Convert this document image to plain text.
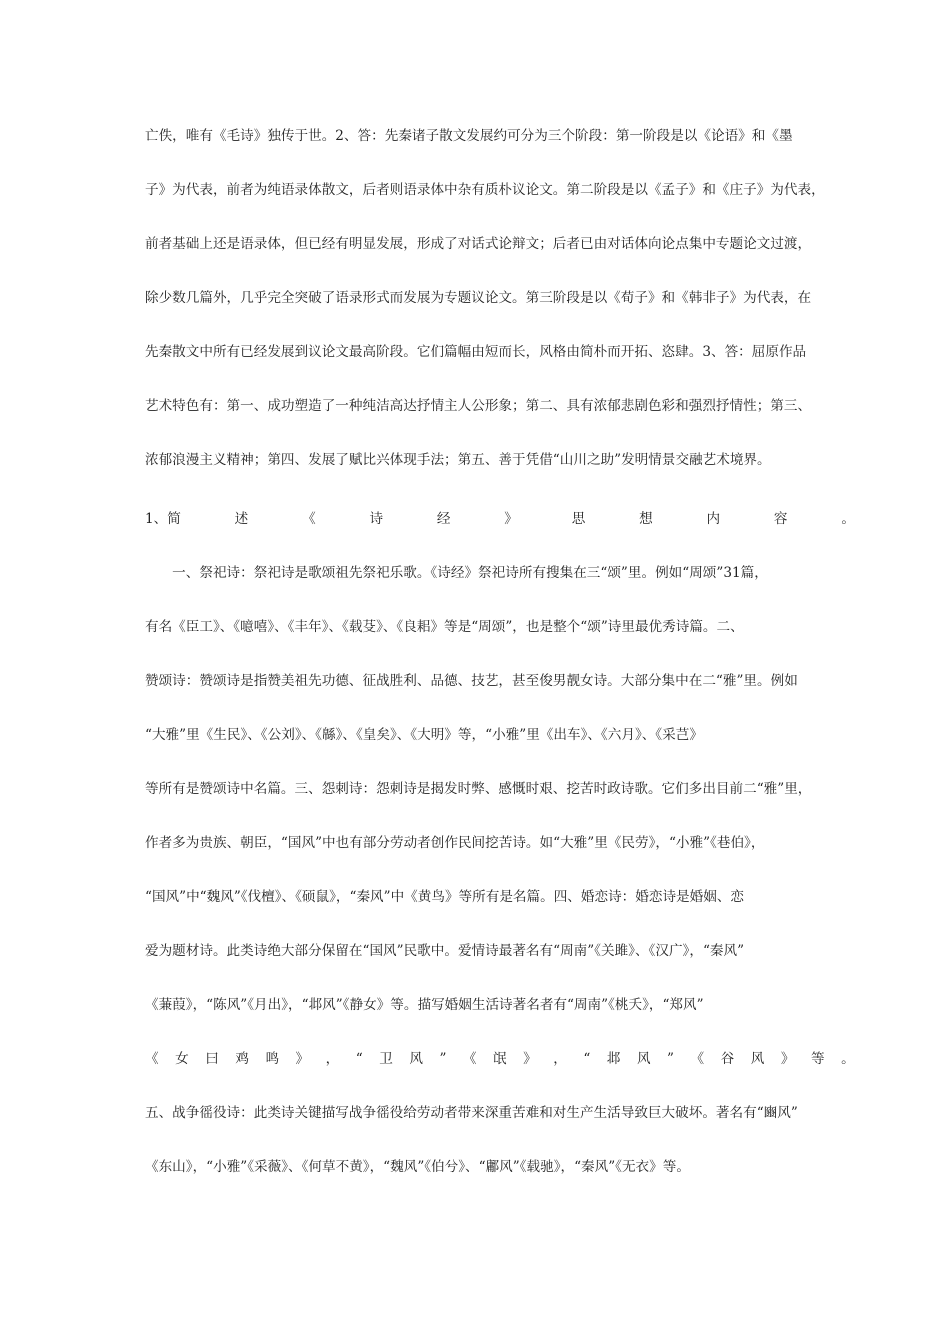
亡佚，唯有《毛诗》独传于世。2、答：先秦诸子散文发展约可分为三个阶段：第一阶段是以《论语》和《墨
子》为代表，前者为纯语录体散文，后者则语录体中杂有质朴议论文。第二阶段是以《孟子》和《庄子》为代表，
前者基础上还是语录体，但已经有明显发展，形成了对话式论辩文；后者已由对话体向论点集中专题论文过渡，
除少数几篇外，几乎完全突破了语录形式而发展为专题议论文。第三阶段是以《荀子》和《韩非子》为代表，在
先秦散文中所有已经发展到议论文最高阶段。它们篇幅由短而长，风格由简朴而开拓、恣肆。3、答：屈原作品
艺术特色有：第一、成功塑造了一种纯洁高达抒情主人公形象；第二、具有浓郁悲剧色彩和强烈抒情性；第三、
浓郁浪漫主义精神；第四、发展了赋比兴体现手法；第五、善于凭借“山川之助”发明情景交融艺术境界。
1、简	述	《	诗	经	》	思	想	内	容	。
　　一、祭祀诗：祭祀诗是歌颂祖先祭祀乐歌。《诗经》祭祀诗所有搜集在三“颂”里。例如“周颂”31篇，
有名《臣工》、《噫嘻》、《丰年》、《载芟》、《良耜》等是“周颂”，也是整个“颂”诗里最优秀诗篇。二、
赞颂诗：赞颂诗是指赞美祖先功德、征战胜利、品德、技艺，甚至俊男靓女诗。大部分集中在二“雅”里。例如
“大雅”里《生民》、《公刘》、《緜》、《皇矣》、《大明》等，“小雅”里《出车》、《六月》、《采芑》
等所有是赞颂诗中名篇。三、怨刺诗：怨刺诗是揭发时弊、感慨时艰、挖苦时政诗歌。它们多出目前二“雅”里，
作者多为贵族、朝臣，“国风”中也有部分劳动者创作民间挖苦诗。如“大雅”里《民劳》，“小雅”《巷伯》，
“国风”中“魏风”《伐檀》、《硕鼠》，“秦风”中《黄鸟》等所有是名篇。四、婚恋诗：婚恋诗是婚姻、恋
爱为题材诗。此类诗绝大部分保留在“国风”民歌中。爱情诗最著名有“周南”《关雎》、《汉广》，“秦风”
《蒹葭》，“陈风”《月出》，“邶风”《静女》等。描写婚姻生活诗著名者有“周南”《桃夭》，“郑风”
《 女 曰 鸡 鸣 》 ， “ 卫 风 ” 《 氓 》 ， “ 邶 风 ” 《 谷 风 》 等 。
五、战争徭役诗：此类诗关键描写战争徭役给劳动者带来深重苦难和对生产生活导致巨大破坏。著名有“豳风”
《东山》，“小雅”《采薇》、《何草不黄》，“魏风”《伯兮》、“鄘风”《载驰》，“秦风”《无衣》等。
